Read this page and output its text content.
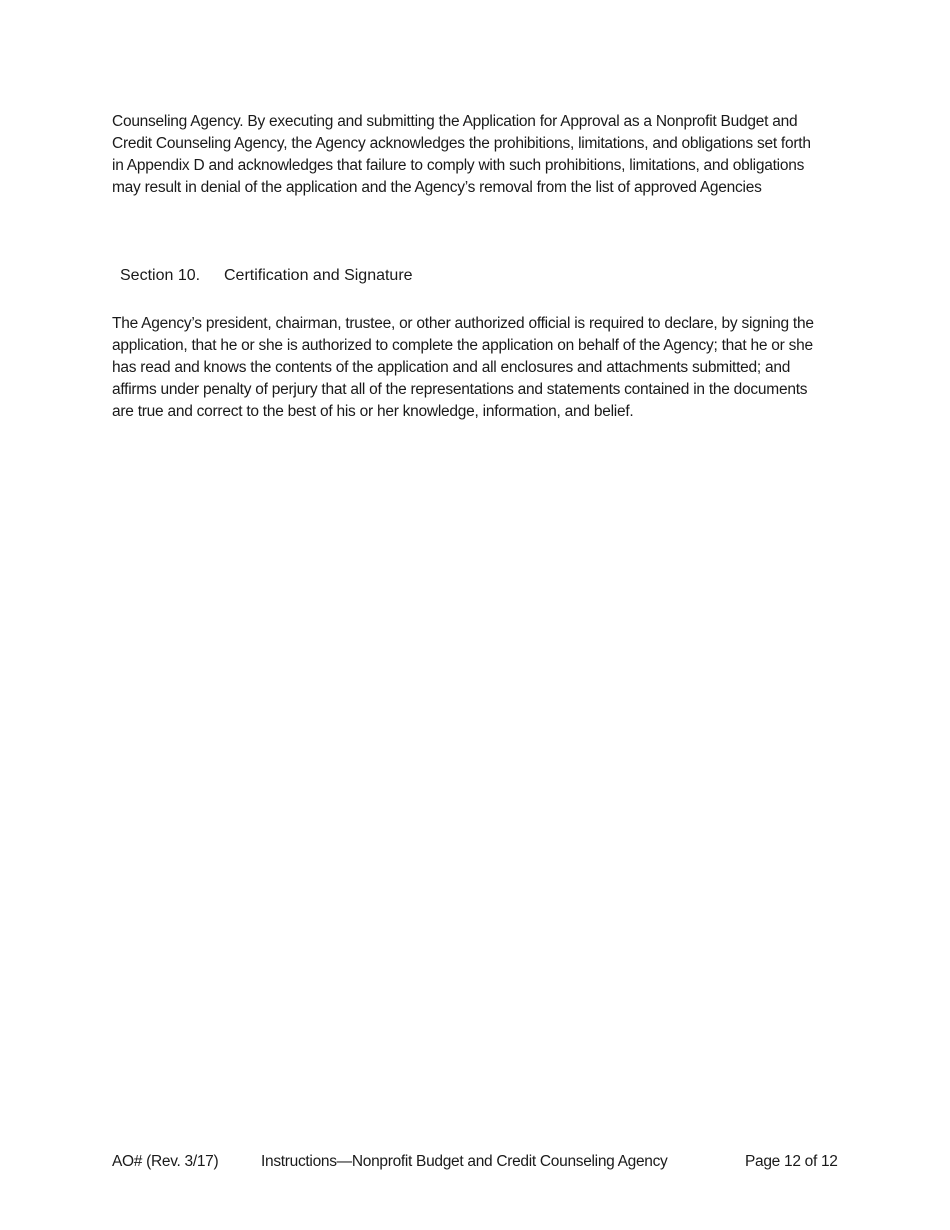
Counseling Agency. By executing and submitting the Application for Approval as a Nonprofit Budget and Credit Counseling Agency, the Agency acknowledges the prohibitions, limitations, and obligations set forth in Appendix D and acknowledges that failure to comply with such prohibitions, limitations, and obligations may result in denial of the application and the Agency’s removal from the list of approved Agencies

Section 10. Certification and Signature

The Agency’s president, chairman, trustee, or other authorized official is required to declare, by signing the application, that he or she is authorized to complete the application on behalf of the Agency; that he or she has read and knows the contents of the application and all enclosures and attachments submitted; and affirms under penalty of perjury that all of the representations and statements contained in the documents are true and correct to the best of his or her knowledge, information, and belief.

AO# (Rev. 3/17)	Instructions—Nonprofit Budget and Credit Counseling Agency	Page 12 of 12
